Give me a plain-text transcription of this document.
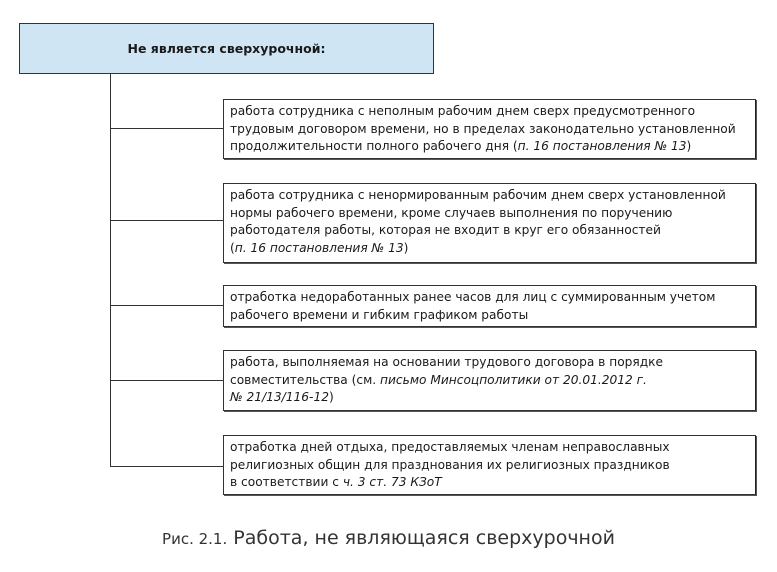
Не является сверхурочной:
работа сотрудника с неполным рабочим днем сверх предусмотренного
трудовым договором времени, но в пределах законодательно установленной
продолжительности полного рабочего дня (п. 16 постановления № 13)
работа сотрудника с ненормированным рабочим днем сверх установленной
нормы рабочего времени, кроме случаев выполнения по поручению
работодателя работы, которая не входит в круг его обязанностей
(п. 16 постановления № 13)
отработка недоработанных ранее часов для лиц с суммированным учетом
рабочего времени и гибким графиком работы
работа, выполняемая на основании трудового договора в порядке
совместительства (см. письмо Минсоцполитики от 20.01.2012 г.
№ 21/13/116-12)
отработка дней отдыха, предоставляемых членам неправославных
религиозных общин для празднования их религиозных праздников
в соответствии с ч. 3 ст. 73 КЗоТ
Рис. 2.1. Работа, не являющаяся сверхурочной
